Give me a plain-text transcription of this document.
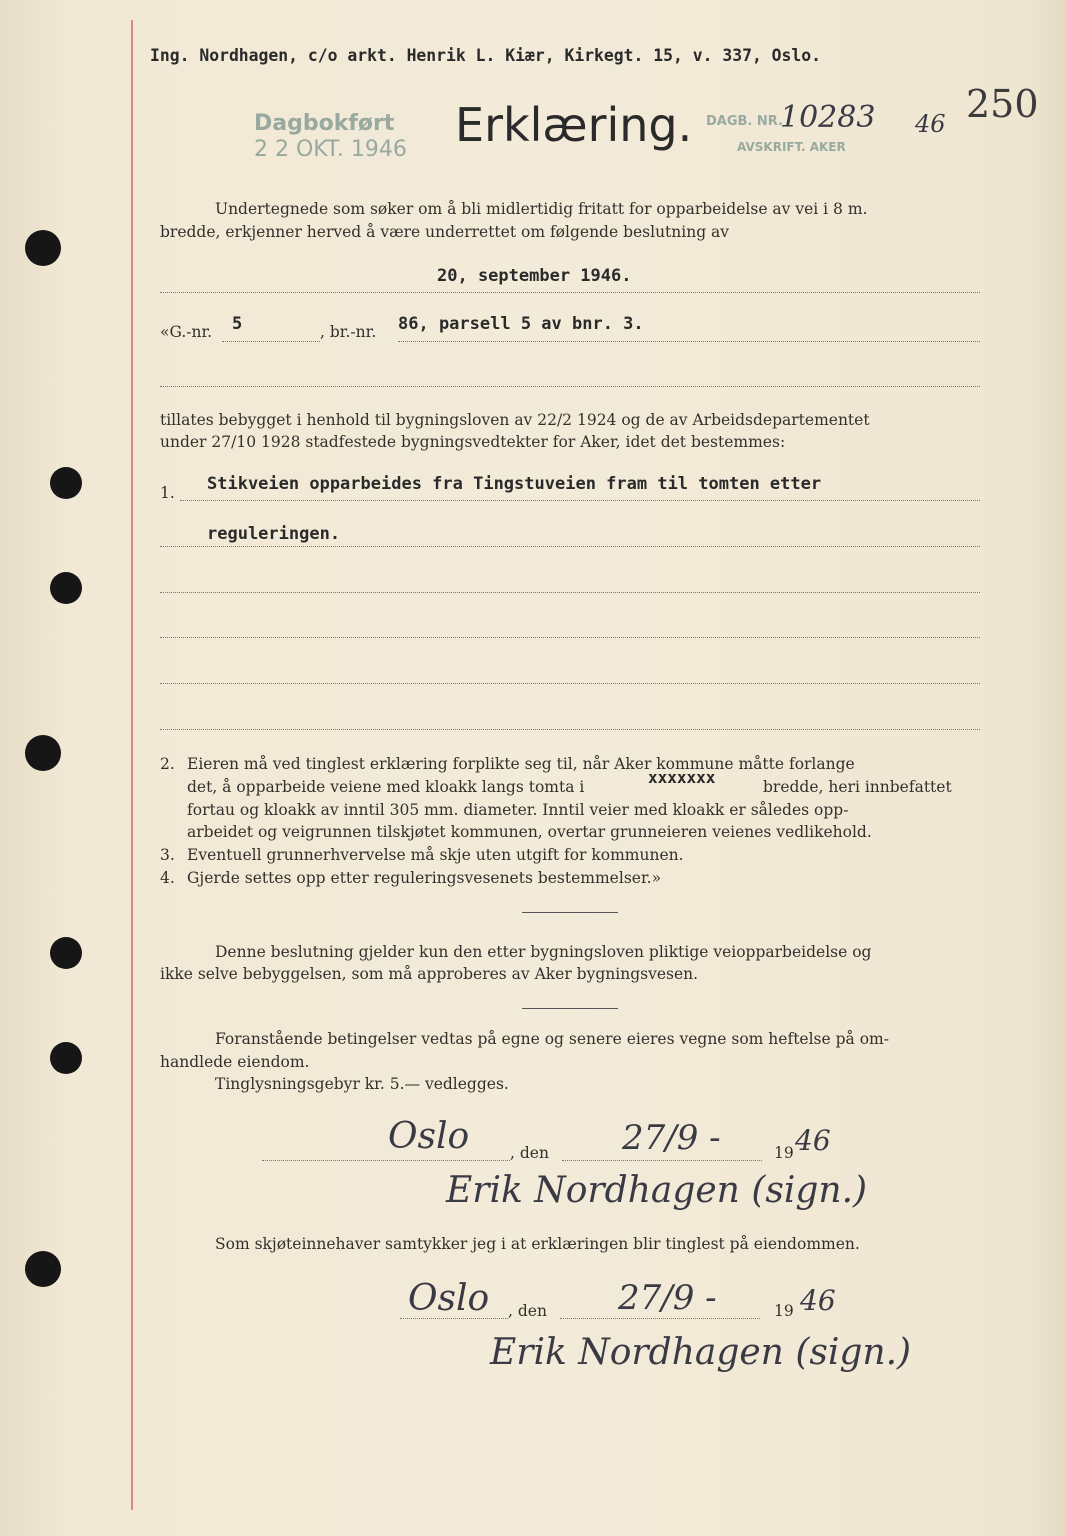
Ing. Nordhagen, c/o arkt. Henrik L. Kiær, Kirkegt. 15, v. 337, Oslo.
250
Dagbokført
2 2 OKT. 1946 Erklæring. DAGB. NR.
10283 46
AVSKRIFT. AKER
Undertegnede som søker om å bli midlertidig fritatt for opparbeidelse av vei i 8 m.
bredde, erkjenner herved å være underrettet om følgende beslutning av
20, september 1946.
«G.-nr. 5	, br.-nr. 86, parsell 5 av bnr. 3.
tillates bebygget i henhold til bygningsloven av 22/2 1924 og de av Arbeidsdepartementet
under 27/10 1928 stadfestede bygningsvedtekter for Aker, idet det bestemmes:
1. Stikveien opparbeides fra Tingstuveien fram til tomten etter
reguleringen.
2. Eieren må ved tinglest erklæring forplikte seg til, når Aker kommune måtte forlange
det, å opparbeide veiene med kloakk langs tomta i	xxxxxxx	bredde, heri innbefattet
fortau og kloakk av inntil 305 mm. diameter. Inntil veier med kloakk er således opp-
arbeidet og veigrunnen tilskjøtet kommunen, overtar grunneieren veienes vedlikehold.
3. Eventuell grunnerhvervelse må skje uten utgift for kommunen.
4. Gjerde settes opp etter reguleringsvesenets bestemmelser.»
Denne beslutning gjelder kun den etter bygningsloven pliktige veiopparbeidelse og
ikke selve bebyggelsen, som må approberes av Aker bygningsvesen.
Foranstående betingelser vedtas på egne og senere eieres vegne som heftelse på om-
handlede eiendom.
Tinglysningsgebyr kr. 5.— vedlegges.
Oslo	, den 27/9 -	19 46
Erik Nordhagen (sign.)
Som skjøteinnehaver samtykker jeg i at erklæringen blir tinglest på eiendommen.
Oslo , den 27/9 -	19 46
Erik Nordhagen (sign.)
